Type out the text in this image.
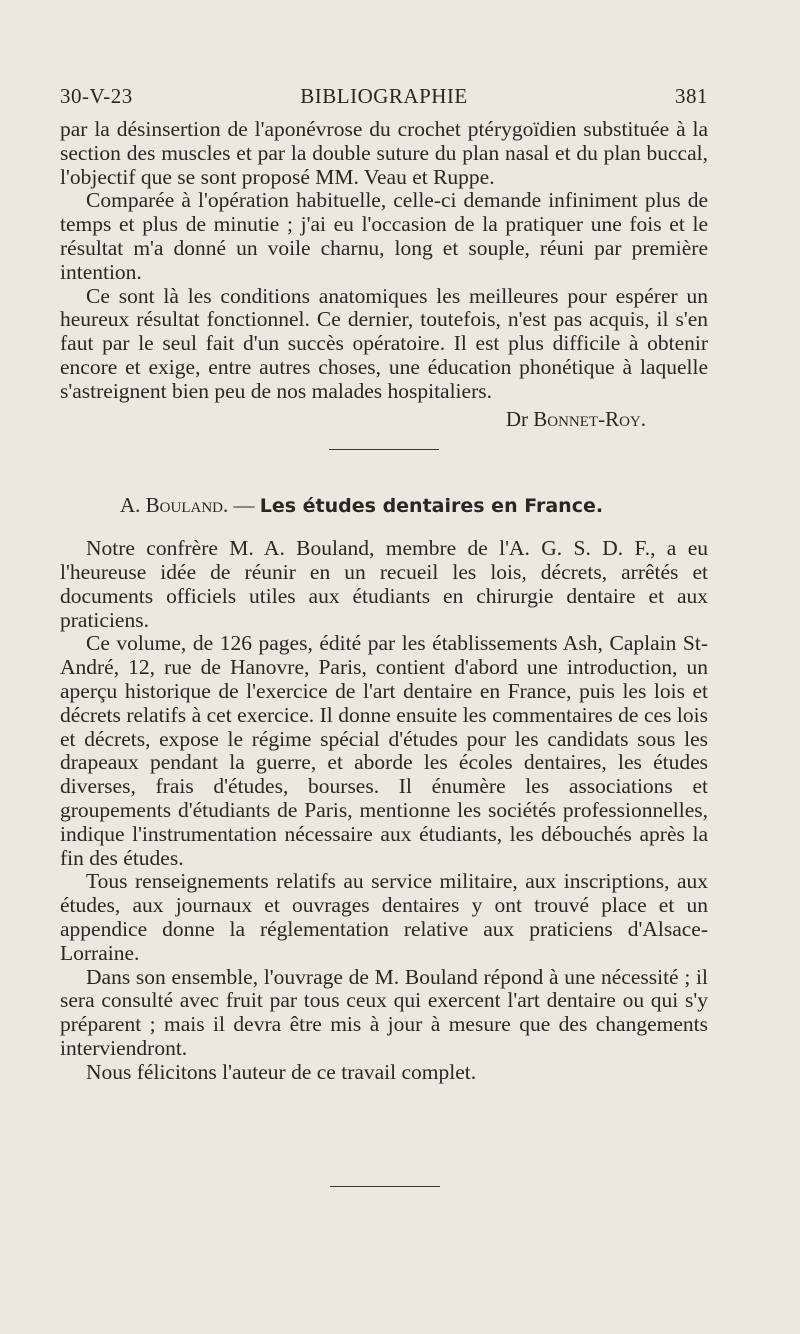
30-V-23	BIBLIOGRAPHIE	381

par la désinsertion de l'aponévrose du crochet ptérygoïdien substituée à la section des muscles et par la double suture du plan nasal et du plan buccal, l'objectif que se sont proposé MM. Veau et Ruppe.

Comparée à l'opération habituelle, celle-ci demande infiniment plus de temps et plus de minutie ; j'ai eu l'occasion de la pratiquer une fois et le résultat m'a donné un voile charnu, long et souple, réuni par première intention.

Ce sont là les conditions anatomiques les meilleures pour espérer un heureux résultat fonctionnel. Ce dernier, toutefois, n'est pas acquis, il s'en faut par le seul fait d'un succès opératoire. Il est plus difficile à obtenir encore et exige, entre autres choses, une éducation phonétique à laquelle s'astreignent bien peu de nos malades hospitaliers.

Dr Bonnet-Roy.
A. Bouland. — Les études dentaires en France.

Notre confrère M. A. Bouland, membre de l'A. G. S. D. F., a eu l'heureuse idée de réunir en un recueil les lois, décrets, arrêtés et documents officiels utiles aux étudiants en chirurgie dentaire et aux praticiens.

Ce volume, de 126 pages, édité par les établissements Ash, Caplain St-André, 12, rue de Hanovre, Paris, contient d'abord une introduction, un aperçu historique de l'exercice de l'art dentaire en France, puis les lois et décrets relatifs à cet exercice. Il donne ensuite les commentaires de ces lois et décrets, expose le régime spécial d'études pour les candidats sous les drapeaux pendant la guerre, et aborde les écoles dentaires, les études diverses, frais d'études, bourses. Il énumère les associations et groupements d'étudiants de Paris, mentionne les sociétés professionnelles, indique l'instrumentation nécessaire aux étudiants, les débouchés après la fin des études.

Tous renseignements relatifs au service militaire, aux inscriptions, aux études, aux journaux et ouvrages dentaires y ont trouvé place et un appendice donne la réglementation relative aux praticiens d'Alsace-Lorraine.

Dans son ensemble, l'ouvrage de M. Bouland répond à une nécessité ; il sera consulté avec fruit par tous ceux qui exercent l'art dentaire ou qui s'y préparent ; mais il devra être mis à jour à mesure que des changements interviendront.

Nous félicitons l'auteur de ce travail complet.
